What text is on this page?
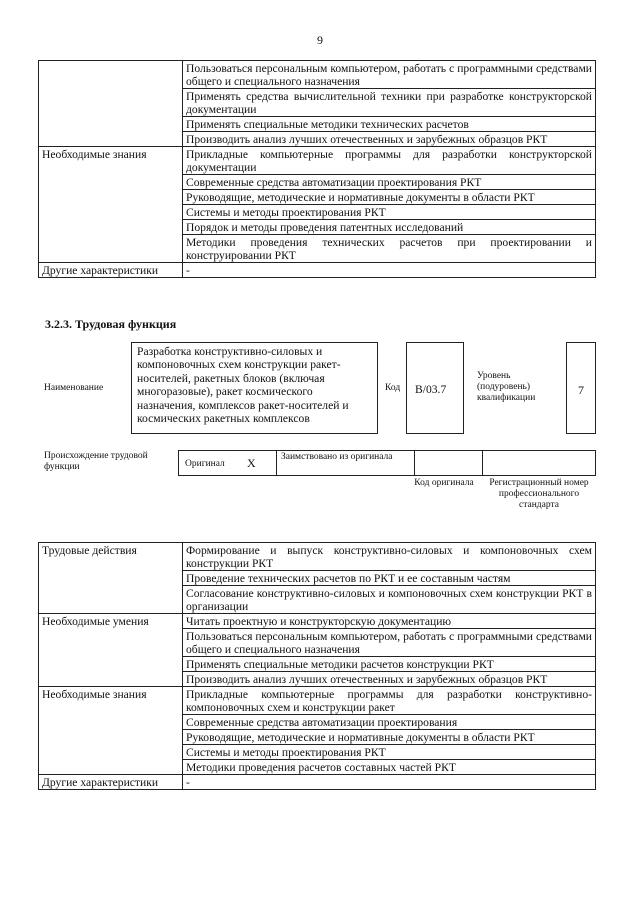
9
	Пользоваться персональным компьютером, работать с программными средствами общего и специального назначения
	Применять средства вычислительной техники при разработке конструкторской документации
	Применять специальные методики технических расчетов
	Производить анализ лучших отечественных и зарубежных образцов РКТ
Необходимые знания	Прикладные компьютерные программы для разработки конструкторской документации
	Современные средства автоматизации проектирования РКТ
	Руководящие, методические и нормативные документы в области РКТ
	Системы и методы проектирования РКТ
	Порядок и методы проведения патентных исследований
	Методики проведения технических расчетов при проектировании и конструировании РКТ
Другие характеристики	-
3.2.3. Трудовая функция
Наименование
Разработка конструктивно-силовых и компоновочных схем конструкции ракет-носителей, ракетных блоков (включая многоразовые), ракет космического назначения, комплексов ракет-носителей и космических ракетных комплексов
Код	B/03.7
Уровень (подуровень) квалификации
7
Происхождение трудовой функции	Оригинал X	Заимствовано из оригинала
Код оригинала	Регистрационный номер профессионального стандарта
Трудовые действия	Формирование и выпуск конструктивно-силовых и компоновочных схем конструкции РКТ
	Проведение технических расчетов по РКТ и ее составным частям
	Согласование конструктивно-силовых и компоновочных схем конструкции РКТ в организации
Необходимые умения	Читать проектную и конструкторскую документацию
	Пользоваться персональным компьютером, работать с программными средствами общего и специального назначения
	Применять специальные методики расчетов конструкции РКТ
	Производить анализ лучших отечественных и зарубежных образцов РКТ
Необходимые знания	Прикладные компьютерные программы для разработки конструктивно-компоновочных схем и конструкции ракет
	Современные средства автоматизации проектирования
	Руководящие, методические и нормативные документы в области РКТ
	Системы и методы проектирования РКТ
	Методики проведения расчетов составных частей РКТ
Другие характеристики	-
